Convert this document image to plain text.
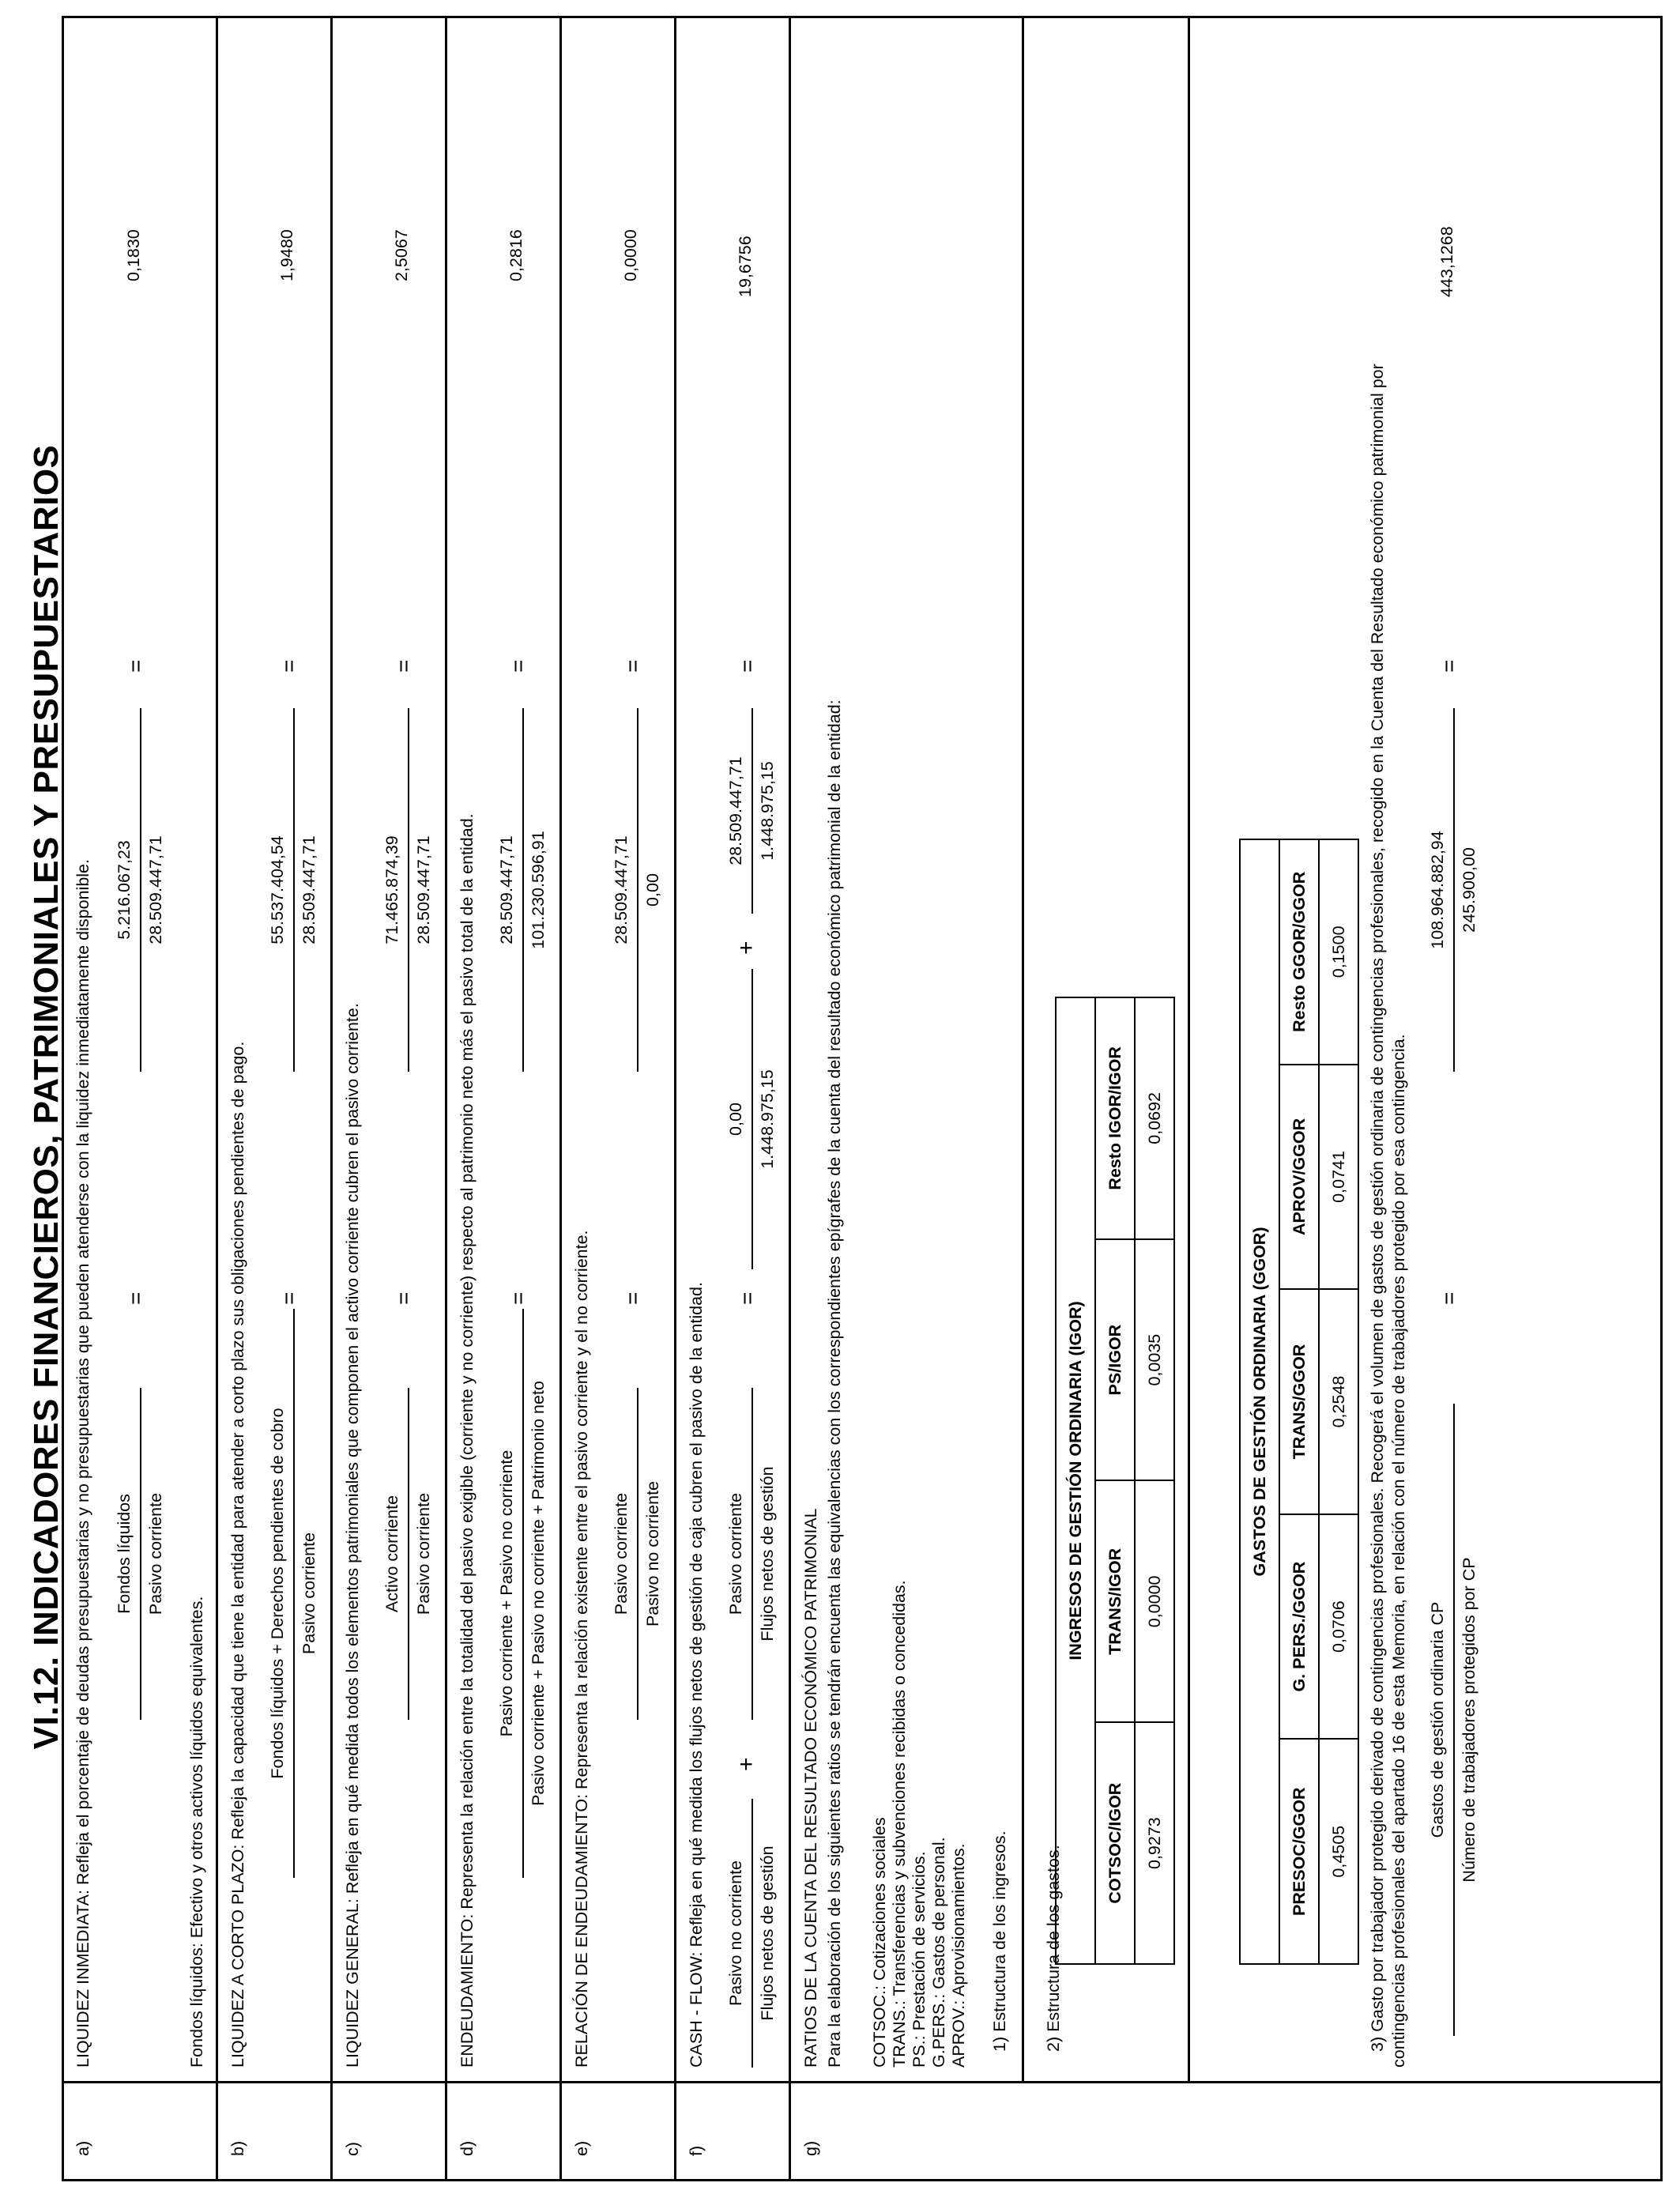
VI.12. INDICADORES FINANCIEROS, PATRIMONIALES Y PRESUPUESTARIOS
a)
LIQUIDEZ INMEDIATA: Refleja el porcentaje de deudas presupuestarias y no presupuestarias que pueden atenderse con la liquidez inmediatamente disponible. Fondos líquidos Pasivo corriente
=
5.216.067,23 28.509.447,71
=
0,1830
Fondos líquidos: Efectivo y otros activos líquidos equivalentes.
b)
LIQUIDEZ A CORTO PLAZO: Refleja la capacidad que tiene la entidad para atender a corto plazo sus obligaciones pendientes de pago. Fondos líquidos + Derechos pendientes de cobro Pasivo corriente
=
55.537.404,54 28.509.447,71
=
1,9480
c)
LIQUIDEZ GENERAL: Refleja en qué medida todos los elementos patrimoniales que componen el activo corriente cubren el pasivo corriente. Activo corriente Pasivo corriente
=
71.465.874,39 28.509.447,71
=
2,5067
d)
ENDEUDAMIENTO: Representa la relación entre la totalidad del pasivo exigible (corriente y no corriente) respecto al patrimonio neto más el pasivo total de la entidad. Pasivo corriente + Pasivo no corriente Pasivo corriente + Pasivo no corriente + Patrimonio neto
=
28.509.447,71 101.230.596,91
=
0,2816
e)
RELACIÓN DE ENDEUDAMIENTO: Representa la relación existente entre el pasivo corriente y el no corriente. Pasivo corriente Pasivo no corriente
=
28.509.447,71 0,00
=
0,0000
f)
CASH - FLOW: Refleja en qué medida los flujos netos de gestión de caja cubren el pasivo de la entidad. Pasivo no corriente Flujos netos de gestión
+
Pasivo corriente Flujos netos de gestión
=
0,00 1.448.975,15
+
28.509.447,71 1.448.975,15
=
19,6756
g)
RATIOS DE LA CUENTA DEL RESULTADO ECONÓMICO PATRIMONIAL Para la elaboración de los siguientes ratios se tendrán encuenta las equivalencias con los correspondientes epígrafes de la cuenta del resultado económico patrimonial de la entidad: COTSOC.: Cotizaciones sociales TRANS.: Transferencias y subvenciones recibidas o concedidas. PS.: Prestación de servicios. G.PERS.: Gastos de personal. APROV.: Aprovisionamientos. 1) Estructura de los ingresos.
INGRESOS DE GESTIÓN ORDINARIA (IGOR)			
COTSOC/IGOR	TRANS/IGOR	PS/IGOR	Resto IGOR/IGOR
0,9273	0,0000	0,0035	0,0692
2) Estructura de los gastos.
GASTOS DE GESTIÓN ORDINARIA (GGOR)				
PRESOC/GGOR	G. PERS./GGOR	TRANS/GGOR	APROV/GGOR	Resto GGOR/GGOR
0,4505	0,0706	0,2548	0,0741	0,1500 3) Gasto por trabajador protegido derivado de contingencias profesionales. Recogerá el volumen de gastos de gestión ordinaria de contingencias profesionales, recogido en la Cuenta del Resultado económico patrimonial por contingencias profesionales del apartado 16 de esta Memoria, en relación con el número de trabajadores protegido por esa contingencia. Gastos de gestión ordinaria CP Número de trabajadores protegidos por CP
=
108.964.882,94 245.900,00
=
443,1268
